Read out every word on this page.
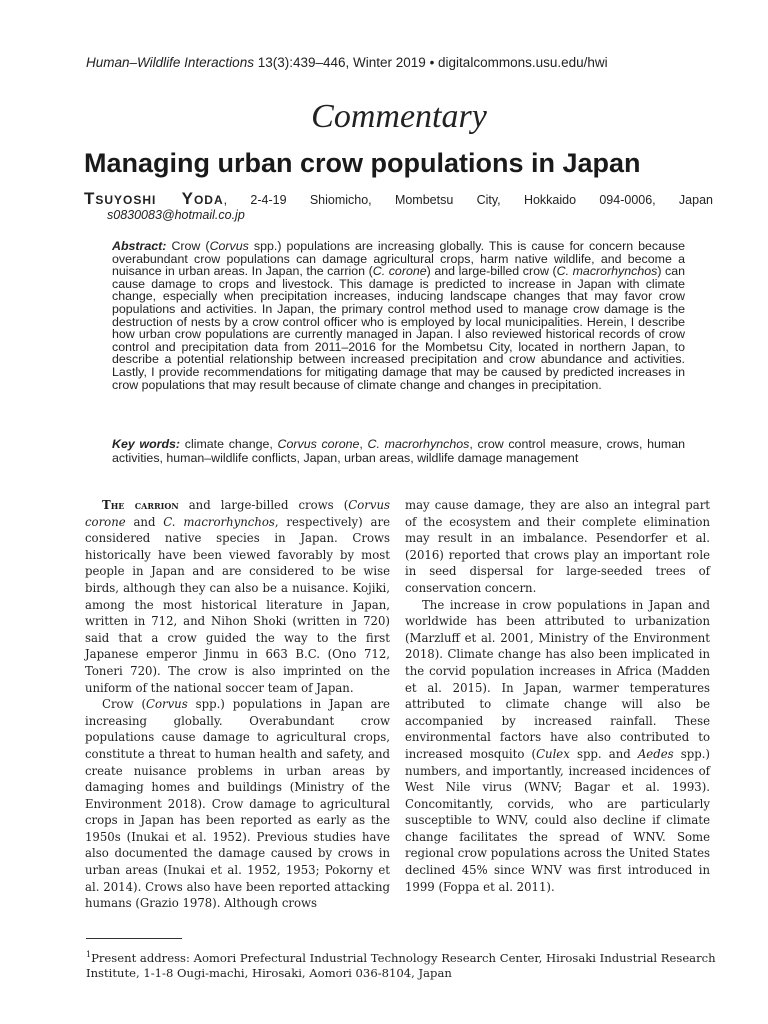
Human–Wildlife Interactions 13(3):439–446, Winter 2019 • digitalcommons.usu.edu/hwi
Commentary
Managing urban crow populations in Japan
Tsuyoshi Yoda, 2-4-19 Shiomicho, Mombetsu City, Hokkaido 094-0006, Japan
s0830083@hotmail.co.jp

Abstract: Crow (Corvus spp.) populations are increasing globally. This is cause for concern because overabundant crow populations can damage agricultural crops, harm native wildlife, and become a nuisance in urban areas. In Japan, the carrion (C. corone) and large-billed crow (C. macrorhynchos) can cause damage to crops and livestock. This damage is predicted to increase in Japan with climate change, especially when precipitation increases, inducing landscape changes that may favor crow populations and activities. In Japan, the primary control method used to manage crow damage is the destruction of nests by a crow control officer who is employed by local municipalities. Herein, I describe how urban crow populations are currently managed in Japan. I also reviewed historical records of crow control and precipitation data from 2011–2016 for the Mombetsu City, located in northern Japan, to describe a potential relationship between increased precipitation and crow abundance and activities. Lastly, I provide recommendations for mitigating damage that may be caused by predicted increases in crow populations that may result because of climate change and changes in precipitation.

Key words: climate change, Corvus corone, C. macrorhynchos, crow control measure, crows, human activities, human–wildlife conflicts, Japan, urban areas, wildlife damage management

The carrion and large-billed crows (Corvus corone and C. macrorhynchos, respectively) are considered native species in Japan. Crows historically have been viewed favorably by most people in Japan and are considered to be wise birds, although they can also be a nuisance. Kojiki, among the most historical literature in Japan, written in 712, and Nihon Shoki (written in 720) said that a crow guided the way to the first Japanese emperor Jinmu in 663 B.C. (Ono 712, Toneri 720). The crow is also imprinted on the uniform of the national soccer team of Japan.

Crow (Corvus spp.) populations in Japan are increasing globally. Overabundant crow populations cause damage to agricultural crops, constitute a threat to human health and safety, and create nuisance problems in urban areas by damaging homes and buildings (Ministry of the Environment 2018). Crow damage to agricultural crops in Japan has been reported as early as the 1950s (Inukai et al. 1952). Previous studies have also documented the damage caused by crows in urban areas (Inukai et al. 1952, 1953; Pokorny et al. 2014). Crows also have been reported attacking humans (Grazio 1978). Although crows

may cause damage, they are also an integral part of the ecosystem and their complete elimination may result in an imbalance. Pesendorfer et al. (2016) reported that crows play an important role in seed dispersal for large-seeded trees of conservation concern.

The increase in crow populations in Japan and worldwide has been attributed to urbanization (Marzluff et al. 2001, Ministry of the Environment 2018). Climate change has also been implicated in the corvid population increases in Africa (Madden et al. 2015). In Japan, warmer temperatures attributed to climate change will also be accompanied by increased rainfall. These environmental factors have also contributed to increased mosquito (Culex spp. and Aedes spp.) numbers, and importantly, increased incidences of West Nile virus (WNV; Bagar et al. 1993). Concomitantly, corvids, who are particularly susceptible to WNV, could also decline if climate change facilitates the spread of WNV. Some regional crow populations across the United States declined 45% since WNV was first introduced in 1999 (Foppa et al. 2011).

$^1$Present address: Aomori Prefectural Industrial Technology Research Center, Hirosaki Industrial Research Institute, 1-1-8 Ougi-machi, Hirosaki, Aomori 036-8104, Japan
